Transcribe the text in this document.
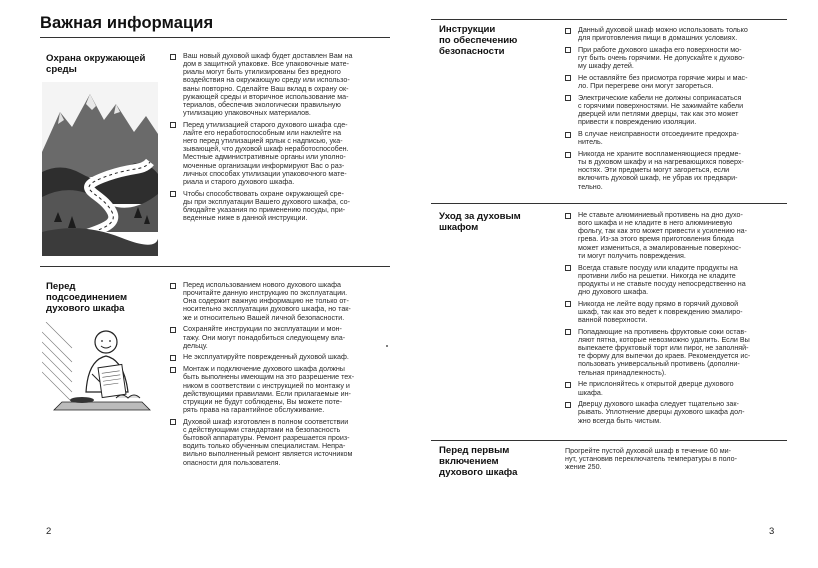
Важная информация
Охрана окружающей
среды
Ваш новый духовой шкаф будет доставлен Вам на
дом в защитной упаковке. Все упаковочные мате-
риалы могут быть утилизированы без вредного
воздействия на окружающую среду или использо-
ваны повторно. Сделайте Ваш вклад в охрану ок-
ружающей среды и вторичное использование ма-
териалов, обеспечив экологически правильную
утилизацию упаковочных материалов.
Перед утилизацией старого духового шкафа сде-
лайте его неработоспособным или наклейте на
него перед утилизацией ярлык с надписью, ука-
зывающей, что духовой шкаф неработоспособен.
Местные административные органы или уполно-
моченные организации информируют Вас о раз-
личных способах утилизации упаковочного мате-
риала и старого духового шкафа.
Чтобы способствовать охране окружающей сре-
ды при эксплуатации Вашего духового шкафа, со-
блюдайте указания по применению посуды, при-
веденные ниже в данной инструкции.
Перед
подсоединением
духового шкафа
Перед использованием нового духового шкафа
прочитайте данную инструкцию по эксплуатации.
Она содержит важную информацию не только от-
носительно эксплуатации духового шкафа, но так-
же и относительно Вашей личной безопасности.
Сохраняйте инструкции по эксплуатации и мон-
тажу. Они могут понадобиться следующему вла-
дельцу.
Не эксплуатируйте поврежденный духовой шкаф.
Монтаж и подключение духового шкафа должны
быть выполнены имеющим на это разрешение тех-
ником в соответствии с инструкцией по монтажу и
действующими правилами. Если прилагаемые ин-
струкции не будут соблюдены, Вы можете поте-
рять права на гарантийное обслуживание.
Духовой шкаф изготовлен в полном соответствии
с действующими стандартами на безопасность
бытовой аппаратуры. Ремонт разрешается произ-
водить только обученным специалистам. Непра-
вильно выполненный ремонт является источником
опасности для пользователя.
2
Инструкции
по обеспечению
безопасности
Данный духовой шкаф можно использовать только
для приготовления пищи в домашних условиях.
При работе духового шкафа его поверхности мо-
гут быть очень горячими. Не допускайте к духово-
му шкафу детей.
Не оставляйте без присмотра горячие жиры и мас-
ло. При перегреве они могут загореться.
Электрические кабели не должны соприкасаться
с горячими поверхностями. Не зажимайте кабели
дверцей или петлями дверцы, так как это может
привести к повреждению изоляции.
В случае неисправности отсоедините предохра-
нитель.
Никогда не храните воспламеняющиеся предме-
ты в духовом шкафу и на нагревающихся поверх-
ностях. Эти предметы могут загореться, если
включить духовой шкаф, не убрав их предвари-
тельно.
Уход за духовым
шкафом
Не ставьте алюминиевый противень на дно духо-
вого шкафа и не кладите в него алюминиевую
фольгу, так как это может привести к усилению на-
грева. Из-за этого время приготовления блюда
может измениться, а эмалированные поверхнос-
ти могут получить повреждения.
Всегда ставьте посуду или кладите продукты на
противни либо на решетки. Никогда не кладите
продукты и не ставьте посуду непосредственно на
дно духового шкафа.
Никогда не лейте воду прямо в горячий духовой
шкаф, так как это ведет к повреждению эмалиро-
ванной поверхности.
Попадающие на противень фруктовые соки остав-
ляют пятна, которые невозможно удалить. Если Вы
выпекаете фруктовый торт или пирог, не заполняй-
те форму для выпечки до краев. Рекомендуется ис-
пользовать универсальный противень (дополни-
тельная принадлежность).
Не прислоняйтесь к открытой дверце духового
шкафа.
Дверцу духового шкафа следует тщательно зак-
рывать. Уплотнение дверцы духового шкафа дол-
жно всегда быть чистым.
Перед первым
включением
духового шкафа
Прогрейте пустой духовой шкаф в течение 60 ми-
нут, установив переключатель температуры в поло-
жение 250.
3
